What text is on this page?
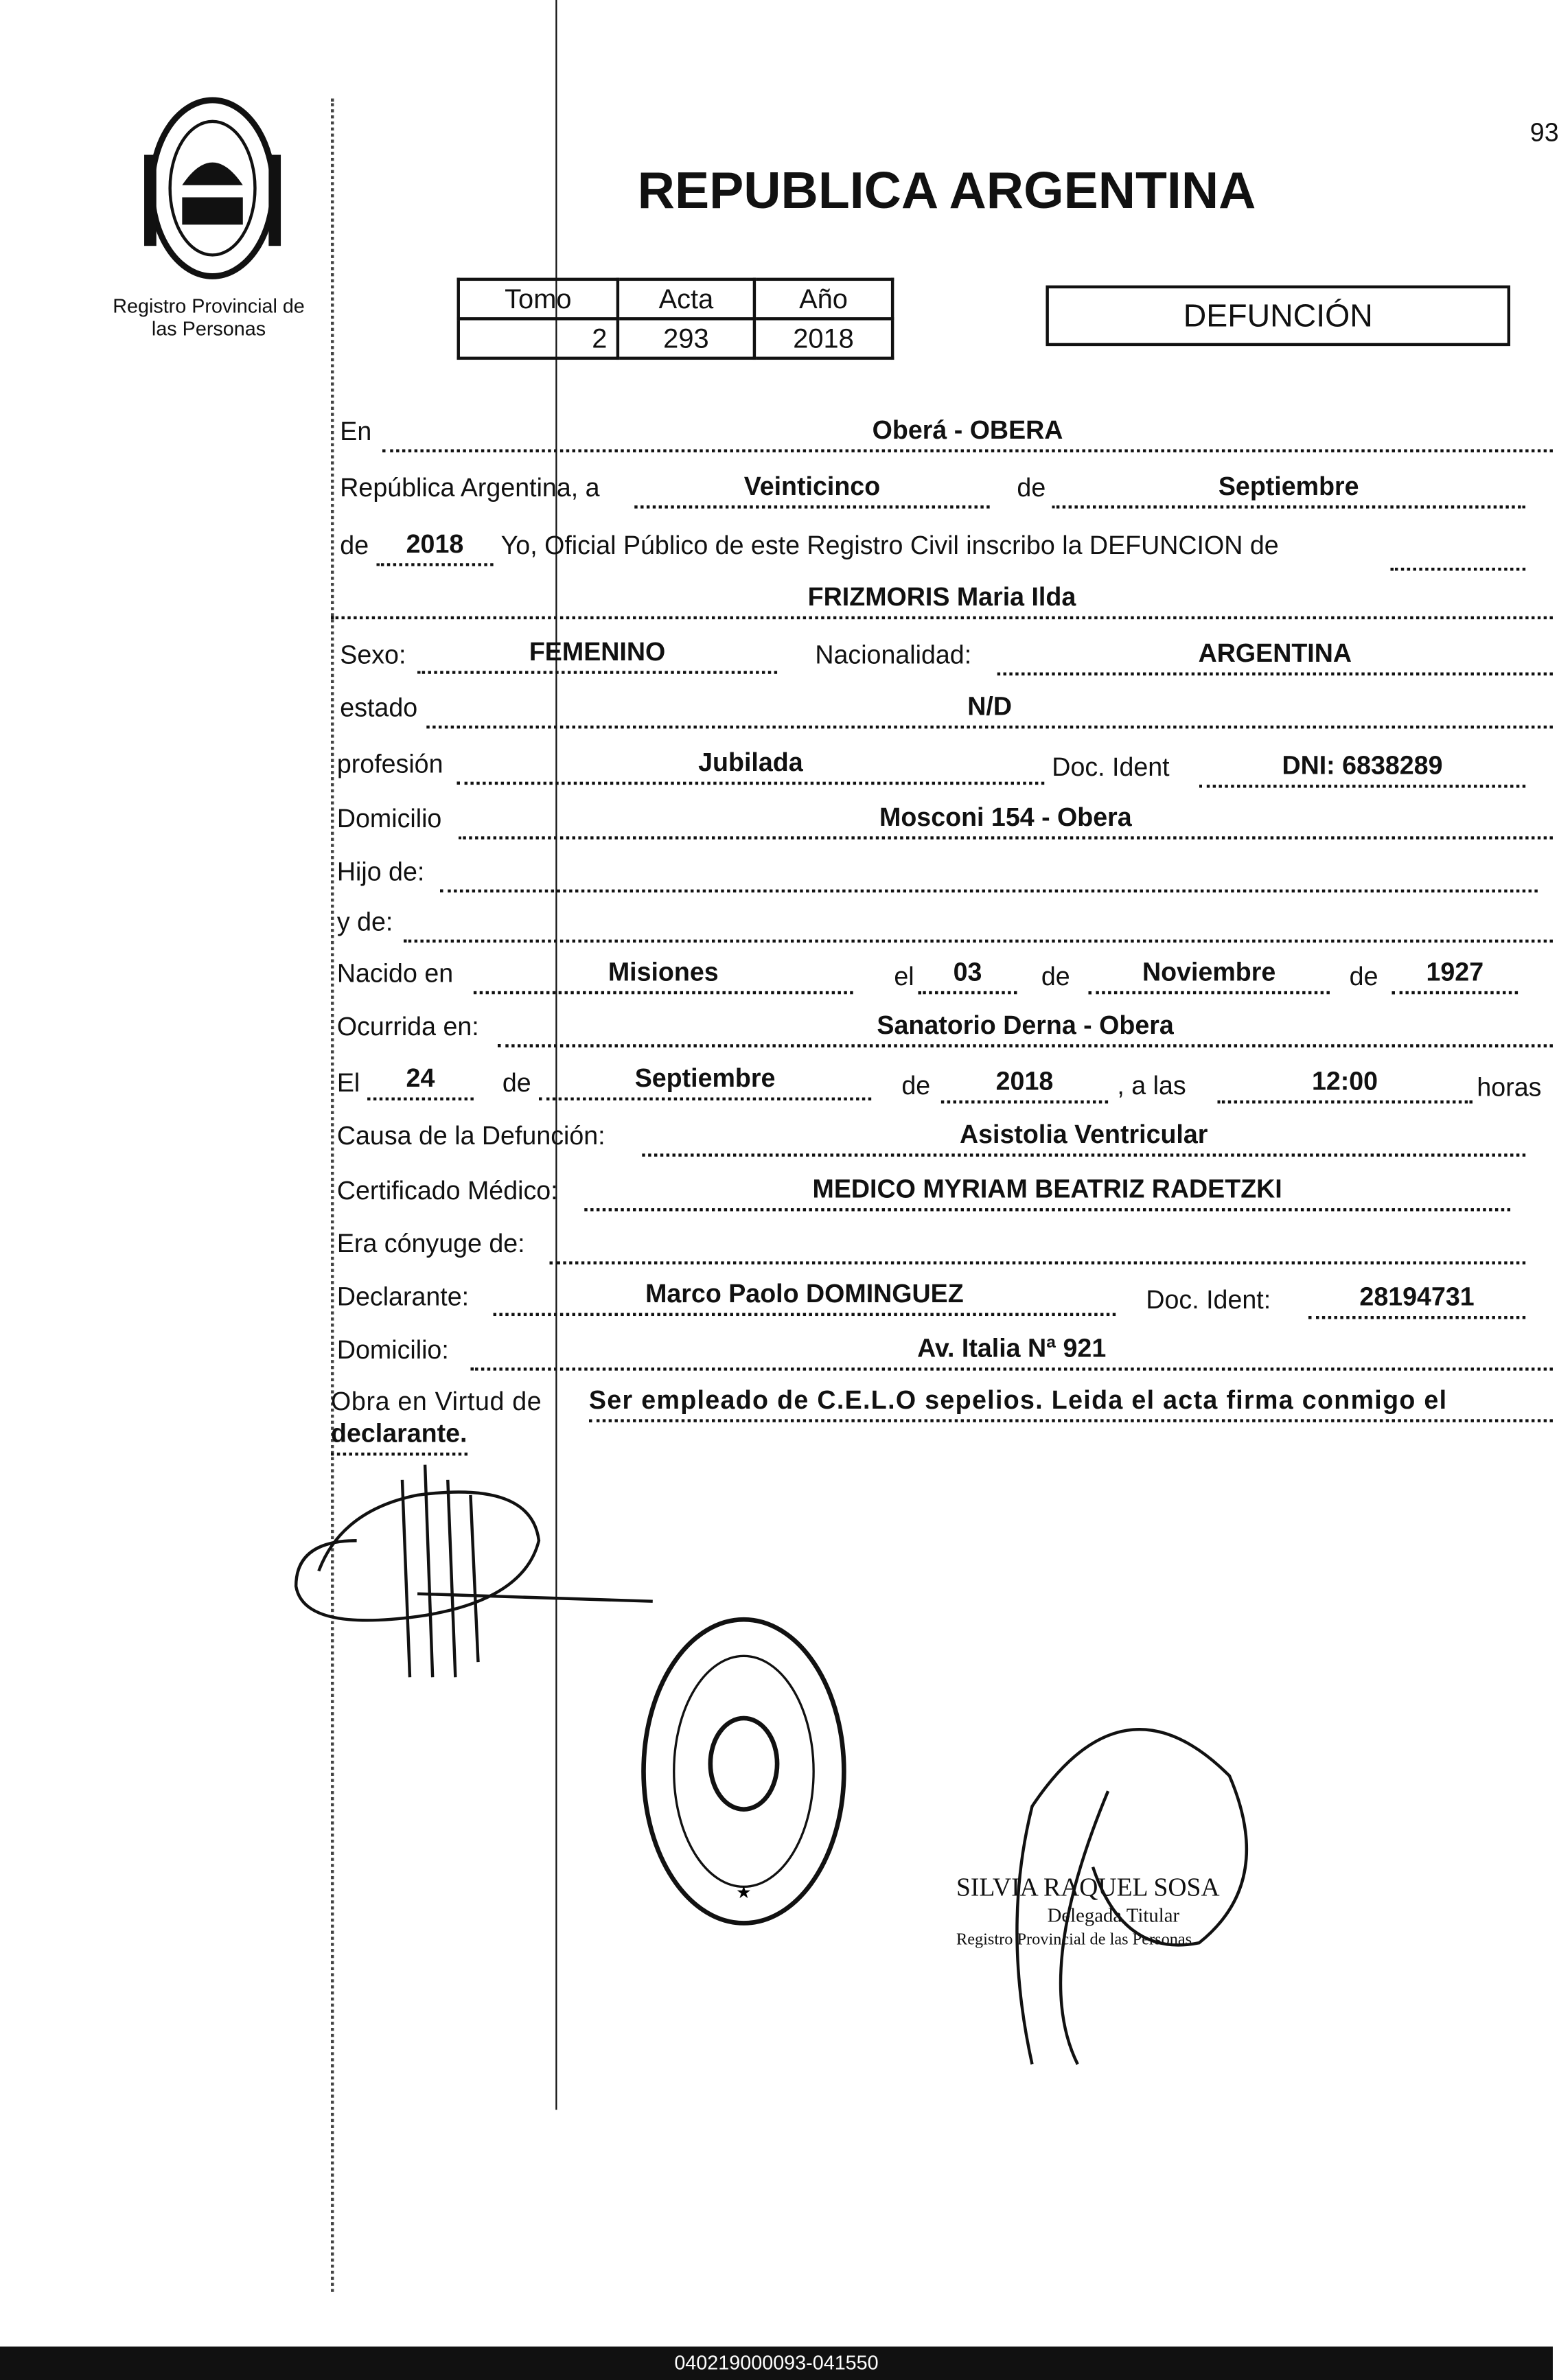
Registro Provincial de
las Personas
REPUBLICA ARGENTINA
93
Tomo	Acta	Año
2	293	2018
DEFUNCIÓN
En	Oberá - OBERA
República Argentina, a	Veinticinco	de	Septiembre
de	2018	Yo, Oficial Público de este Registro Civil inscribo la DEFUNCION de
FRIZMORIS Maria Ilda
Sexo:	FEMENINO	Nacionalidad:	ARGENTINA
estado	N/D
profesión	Jubilada	Doc. Ident	DNI: 6838289
Domicilio	Mosconi 154 - Obera
Hijo de:
y de:
Nacido en	Misiones	el	03	de	Noviembre	de	1927
Ocurrida en:	Sanatorio Derna - Obera
El	24	de	Septiembre	de	2018	, a las	12:00	horas
Causa de la Defunción:	Asistolia Ventricular
Certificado Médico:	MEDICO MYRIAM BEATRIZ RADETZKI
Era cónyuge de:
Declarante:	Marco Paolo DOMINGUEZ	Doc. Ident:	28194731
Domicilio:	Av. Italia Nª 921
Obra en Virtud de	Ser empleado de C.E.L.O sepelios. Leida el acta firma conmigo el
declarante.
★	SILVIA RAQUEL SOSA
Delegada Titular
Registro Provincial de las Personas
040219000093-041550
